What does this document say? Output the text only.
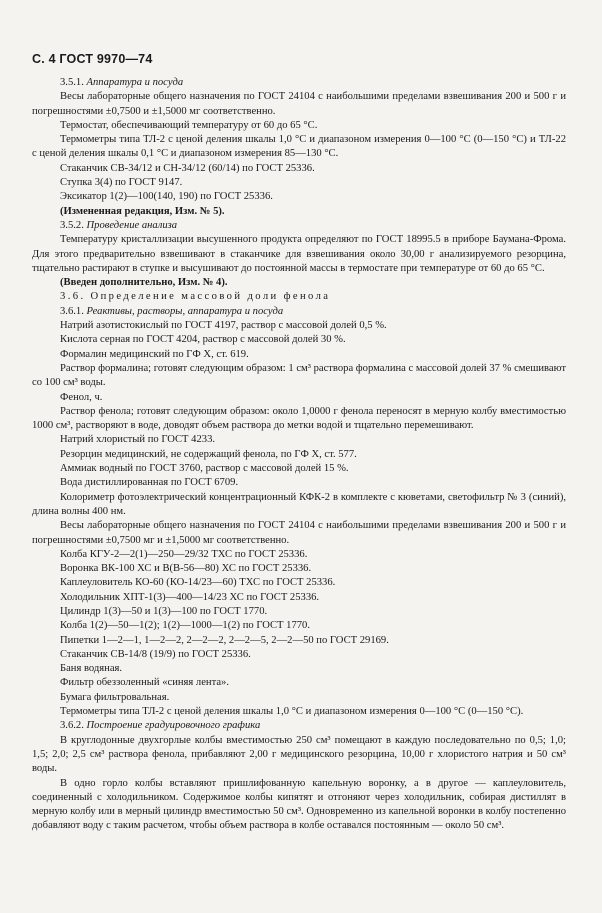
С. 4 ГОСТ 9970—74

3.5.1. Аппаратура и посуда

Весы лабораторные общего назначения по ГОСТ 24104 с наибольшими пределами взвешивания 200 и 500 г и погрешностями ±0,7500 и ±1,5000 мг соответственно.

Термостат, обеспечивающий температуру от 60 до 65 °С.

Термометры типа ТЛ-2 с ценой деления шкалы 1,0 °С и диапазоном измерения 0—100 °С (0—150 °С) и ТЛ-22 с ценой деления шкалы 0,1 °С и диапазоном измерения 85—130 °С.

Стаканчик СВ-34/12 и СН-34/12 (60/14) по ГОСТ 25336.

Ступка 3(4) по ГОСТ 9147.

Эксикатор 1(2)—100(140, 190) по ГОСТ 25336.

(Измененная редакция, Изм. № 5).

3.5.2. Проведение анализа

Температуру кристаллизации высушенного продукта определяют по ГОСТ 18995.5 в приборе Баумана-Фрома. Для этого предварительно взвешивают в стаканчике для взвешивания около 30,00 г анализируемого резорцина, тщательно растирают в ступке и высушивают до постоянной массы в термостате при температуре от 60 до 65 °С.

(Введен дополнительно, Изм. № 4).

3.6. Определение массовой доли фенола

3.6.1. Реактивы, растворы, аппаратура и посуда

Натрий азотистокислый по ГОСТ 4197, раствор с массовой долей 0,5 %.

Кислота серная по ГОСТ 4204, раствор с массовой долей 30 %.

Формалин медицинский по ГФ X, ст. 619.

Раствор формалина; готовят следующим образом: 1 см³ раствора формалина с массовой долей 37 % смешивают со 100 см³ воды.

Фенол, ч.

Раствор фенола; готовят следующим образом: около 1,0000 г фенола переносят в мерную колбу вместимостью 1000 см³, растворяют в воде, доводят объем раствора до метки водой и тщательно перемешивают.

Натрий хлористый по ГОСТ 4233.

Резорцин медицинский, не содержащий фенола, по ГФ X, ст. 577.

Аммиак водный по ГОСТ 3760, раствор с массовой долей 15 %.

Вода дистиллированная по ГОСТ 6709.

Колориметр фотоэлектрический концентрационный КФК-2 в комплекте с кюветами, светофильтр № 3 (синий), длина волны 400 нм.

Весы лабораторные общего назначения по ГОСТ 24104 с наибольшими пределами взвешивания 200 и 500 г и погрешностями ±0,7500 мг и ±1,5000 мг соответственно.

Колба КГУ-2—2(1)—250—29/32 ТХС по ГОСТ 25336.

Воронка ВК-100 ХС и В(В-56—80) ХС по ГОСТ 25336.

Каплеуловитель КО-60 (КО-14/23—60) ТХС по ГОСТ 25336.

Холодильник ХПТ-1(3)—400—14/23 ХС по ГОСТ 25336.

Цилиндр 1(3)—50 и 1(3)—100 по ГОСТ 1770.

Колба 1(2)—50—1(2); 1(2)—1000—1(2) по ГОСТ 1770.

Пипетки 1—2—1, 1—2—2, 2—2—2, 2—2—5, 2—2—50 по ГОСТ 29169.

Стаканчик СВ-14/8 (19/9) по ГОСТ 25336.

Баня водяная.

Фильтр обеззоленный «синяя лента».

Бумага фильтровальная.

Термометры типа ТЛ-2 с ценой деления шкалы 1,0 °С и диапазоном измерения 0—100 °С (0—150 °С).

3.6.2. Построение градуировочного графика

В круглодонные двухгорлые колбы вместимостью 250 см³ помещают в каждую последовательно по 0,5; 1,0; 1,5; 2,0; 2,5 см³ раствора фенола, прибавляют 2,00 г медицинского резорцина, 10,00 г хлористого натрия и 50 см³ воды.

В одно горло колбы вставляют пришлифованную капельную воронку, а в другое — каплеуловитель, соединенный с холодильником. Содержимое колбы кипятят и отгоняют через холодильник, собирая дистиллят в мерную колбу или в мерный цилиндр вместимостью 50 см³. Одновременно из капельной воронки в колбу постепенно добавляют воду с таким расчетом, чтобы объем раствора в колбе оставался постоянным — около 50 см³.
